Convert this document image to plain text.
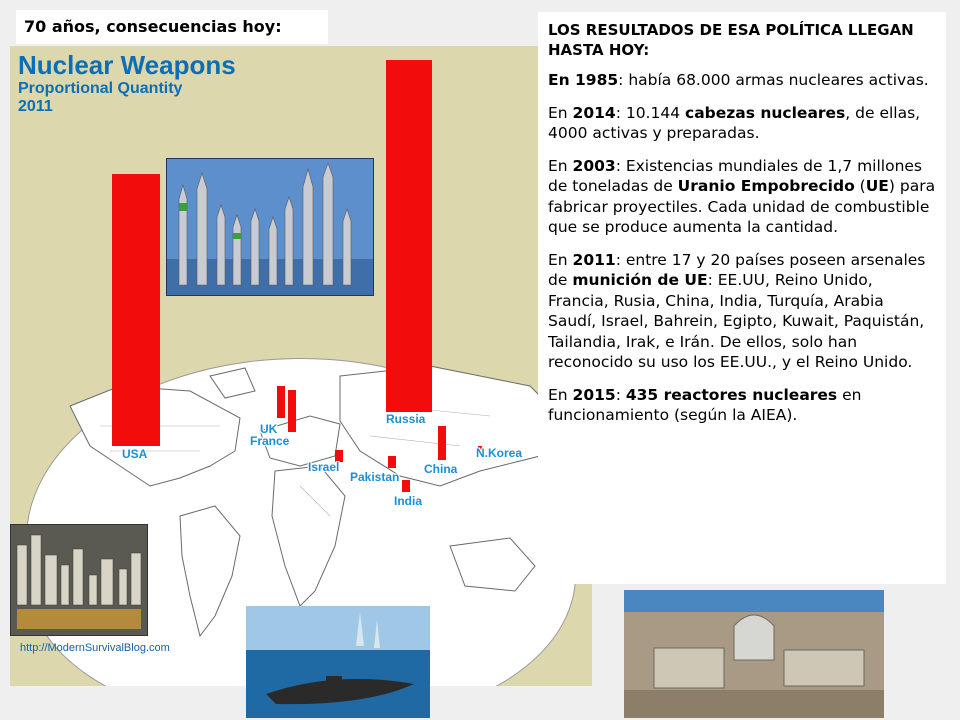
70 años, consecuencias hoy:
Nuclear Weapons
Proportional Quantity
2011
USA
Russia
UK
France
Israel
Pakistan
India
China
N.Korea
http://ModernSurvivalBlog.com

LOS RESULTADOS DE ESA POLÍTICA LLEGAN HASTA HOY:

En 1985: había 68.000 armas nucleares activas.

En 2014: 10.144 cabezas nucleares, de ellas, 4000 activas y preparadas.

En 2003: Existencias mundiales de 1,7 millones de toneladas de Uranio Empobrecido (UE) para fabricar proyectiles. Cada unidad de combustible que se produce aumenta la cantidad.

En 2011: entre 17 y 20 países poseen arsenales de munición de UE: EE.UU, Reino Unido, Francia, Rusia, China, India, Turquía, Arabia Saudí, Israel, Bahrein, Egipto, Kuwait, Paquistán, Tailandia, Irak, e Irán. De ellos, solo han reconocido su uso los EE.UU., y el Reino Unido.

En 2015: 435 reactores nucleares en funcionamiento (según la AIEA).
